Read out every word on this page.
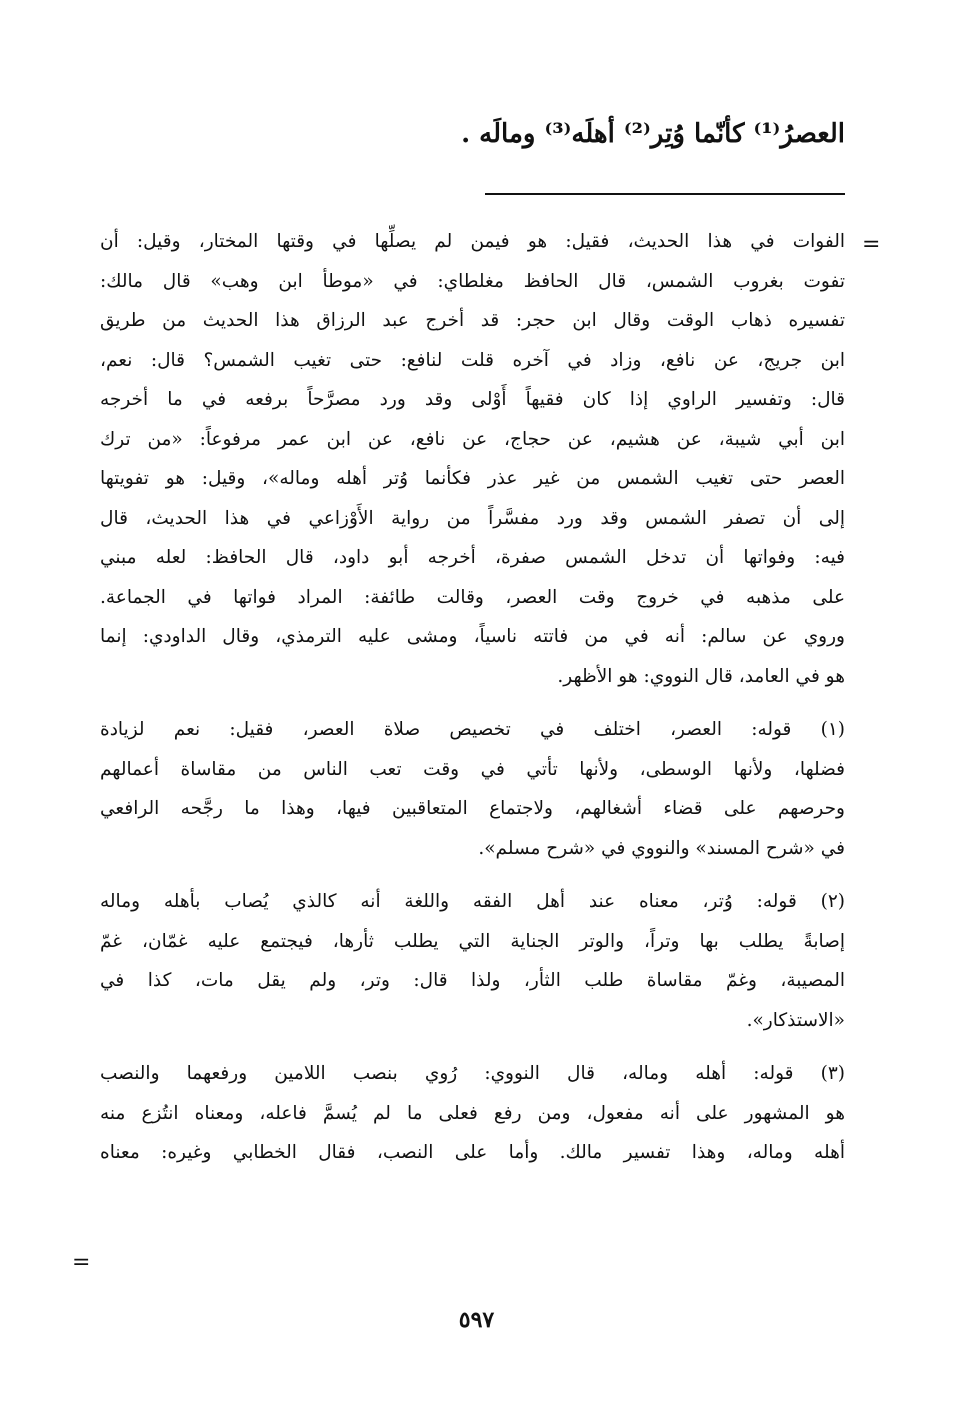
العصرُ⁽¹⁾ كأنّما وُتِر⁽²⁾ أهلَه⁽³⁾ ومالَه .
=
الفوات في هذا الحديث، فقيل: هو فيمن لم يصلِّها في وقتها المختار، وقيل: أن
تفوت بغروب الشمس، قال الحافظ مغلطاي: في «موطأ ابن وهب» قال مالك:
تفسيره ذهاب الوقت وقال ابن حجر: قد أخرج عبد الرزاق هذا الحديث من طريق
ابن جريج، عن نافع، وزاد في آخره قلت لنافع: حتى تغيب الشمس؟ قال: نعم،
قال: وتفسير الراوي إذا كان فقيهاً أَوْلى وقد ورد مصرَّحاً برفعه في ما أخرجه
ابن أبي شيبة، عن هشيم، عن حجاج، عن نافع، عن ابن عمر مرفوعاً: «من ترك
العصر حتى تغيب الشمس من غير عذر فكأنما وُتر أهله وماله»، وقيل: هو تفويتها
إلى أن تصفر الشمس وقد ورد مفسَّراً من رواية الأَوْزاعي في هذا الحديث، قال
فيه: وفواتها أن تدخل الشمس صفرة، أخرجه أبو داود، قال الحافظ: لعله مبني
على مذهبه في خروج وقت العصر، وقالت طائفة: المراد فواتها في الجماعة.
وروي عن سالم: أنه في من فاتته ناسياً، ومشى عليه الترمذي، وقال الداودي: إنما
هو في العامد، قال النووي: هو الأظهر.
(١) قوله: العصر، اختلف في تخصيص صلاة العصر، فقيل: نعم لزيادة
فضلها، ولأنها الوسطى، ولأنها تأتي في وقت تعب الناس من مقاساة أعمالهم
وحرصهم على قضاء أشغالهم، ولاجتماع المتعاقبين فيها، وهذا ما رجَّحه الرافعي
في «شرح المسند» والنووي في «شرح مسلم».
(٢) قوله: وُتر، معناه عند أهل الفقه واللغة أنه كالذي يُصاب بأهله وماله
إصابةً يطلب بها وتراً، والوتر الجناية التي يطلب ثأرها، فيجتمع عليه غمّان، غمّ
المصيبة، وغمّ مقاساة طلب الثأر، ولذا قال: وتر، ولم يقل مات، كذا في
«الاستذكار».
(٣) قوله: أهله وماله، قال النووي: رُوي بنصب اللامين ورفعهما والنصب
هو المشهور على أنه مفعول، ومن رفع فعلى ما لم يُسمَّ فاعله، ومعناه انتُزع منه
أهله وماله، وهذا تفسير مالك. وأما على النصب، فقال الخطابي وغيره: معناه
=
٥٩٧
